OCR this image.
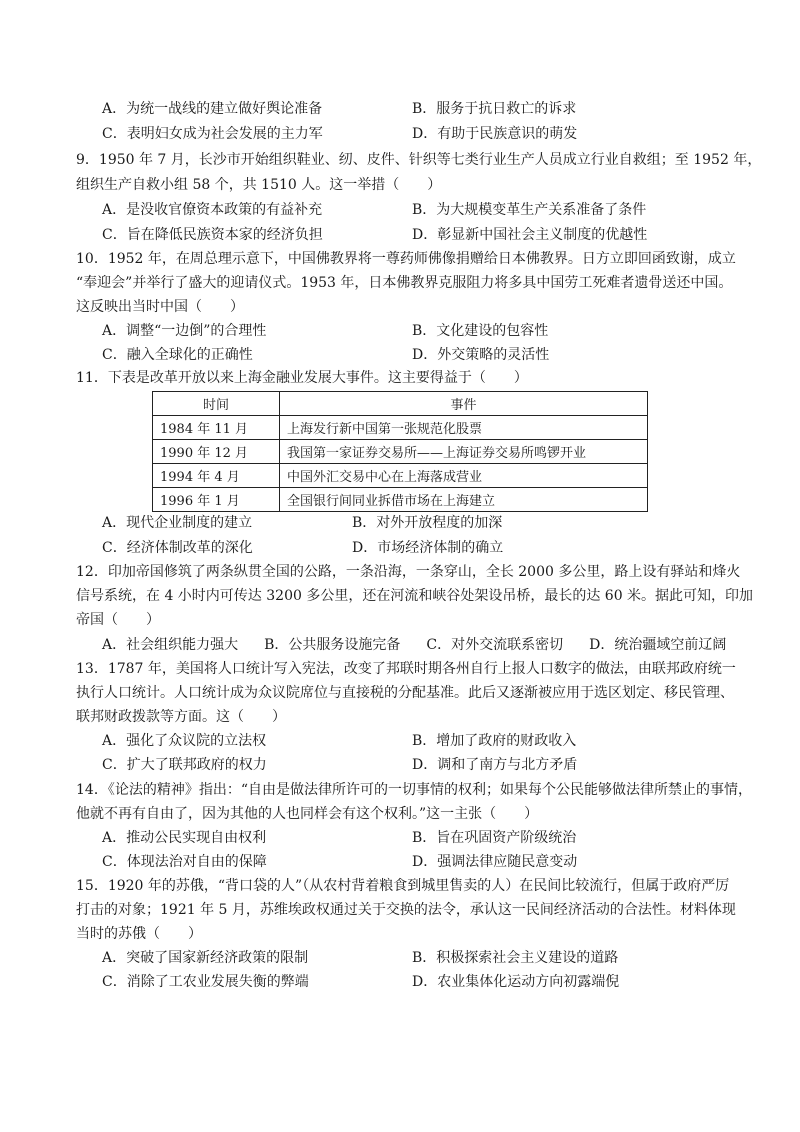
A．为统一战线的建立做好舆论准备	B．服务于抗日救亡的诉求
C．表明妇女成为社会发展的主力军	D．有助于民族意识的萌发
9．1950 年 7 月，长沙市开始组织鞋业、纫、皮件、针织等七类行业生产人员成立行业自救组；至 1952 年，
组织生产自救小组 58 个，共 1510 人。这一举措（　　）
A．是没收官僚资本政策的有益补充	B．为大规模变革生产关系准备了条件
C．旨在降低民族资本家的经济负担	D．彰显新中国社会主义制度的优越性
10．1952 年，在周总理示意下，中国佛教界将一尊药师佛像捐赠给日本佛教界。日方立即回函致谢，成立
“奉迎会”并举行了盛大的迎请仪式。1953 年，日本佛教界克服阻力将多具中国劳工死难者遗骨送还中国。
这反映出当时中国（　　）
A．调整“一边倒”的合理性	B．文化建设的包容性
C．融入全球化的正确性	D．外交策略的灵活性
11．下表是改革开放以来上海金融业发展大事件。这主要得益于（　　）
时间	事件
1984 年 11 月	上海发行新中国第一张规范化股票
1990 年 12 月	我国第一家证券交易所——上海证券交易所鸣锣开业
1994 年 4 月	中国外汇交易中心在上海落成营业
1996 年 1 月	全国银行间同业拆借市场在上海建立
A．现代企业制度的建立	B．对外开放程度的加深
C．经济体制改革的深化	D．市场经济体制的确立
12．印加帝国修筑了两条纵贯全国的公路，一条沿海，一条穿山，全长 2000 多公里，路上设有驿站和烽火
信号系统，在 4 小时内可传达 3200 多公里，还在河流和峡谷处架设吊桥，最长的达 60 米。据此可知，印加
帝国（　　）
A．社会组织能力强大 B．公共服务设施完备 C．对外交流联系密切 D．统治疆域空前辽阔
13．1787 年，美国将人口统计写入宪法，改变了邦联时期各州自行上报人口数字的做法，由联邦政府统一
执行人口统计。人口统计成为众议院席位与直接税的分配基准。此后又逐渐被应用于选区划定、移民管理、
联邦财政拨款等方面。这（　　）
A．强化了众议院的立法权	B．增加了政府的财政收入
C．扩大了联邦政府的权力	D．调和了南方与北方矛盾
14．《论法的精神》指出：“自由是做法律所许可的一切事情的权利；如果每个公民能够做法律所禁止的事情，
他就不再有自由了，因为其他的人也同样会有这个权利。”这一主张（　　）
A．推动公民实现自由权利	B．旨在巩固资产阶级统治
C．体现法治对自由的保障	D．强调法律应随民意变动
15．1920 年的苏俄，“背口袋的人”（从农村背着粮食到城里售卖的人）在民间比较流行，但属于政府严厉
打击的对象；1921 年 5 月，苏维埃政权通过关于交换的法令，承认这一民间经济活动的合法性。材料体现
当时的苏俄（　　）
A．突破了国家新经济政策的限制	B．积极探索社会主义建设的道路
C．消除了工农业发展失衡的弊端	D．农业集体化运动方向初露端倪
